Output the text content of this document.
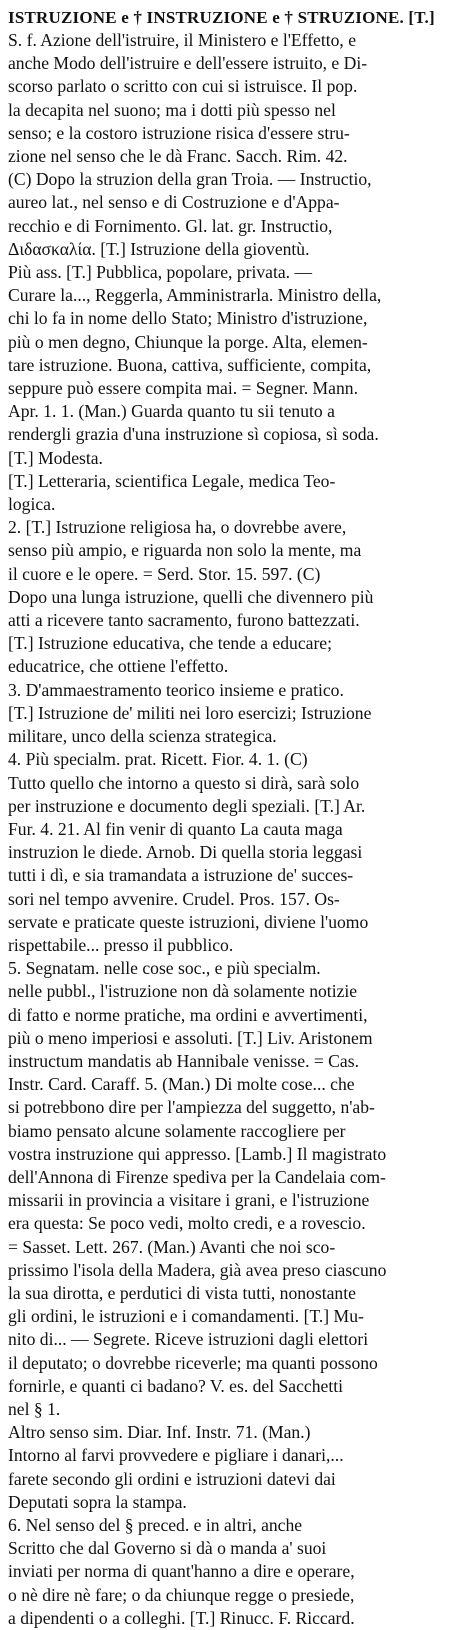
ISTRUZIONE e † INSTRUZIONE e † STRUZIONE. [T.]
S. f. Azione dell'istruire, il Ministero e l'Effetto, e
anche Modo dell'istruire e dell'essere istruito, e Di-
scorso parlato o scritto con cui si istruisce. Il pop.
la decapita nel suono; ma i dotti più spesso nel
senso; e la costoro istruzione risica d'essere stru-
zione nel senso che le dà Franc. Sacch. Rim. 42.
(C) Dopo la struzion della gran Troia. — Instructio,
aureo lat., nel senso e di Costruzione e d'Appa-
recchio e di Fornimento. Gl. lat. gr. Instructio,
Διδασκαλία. [T.] Istruzione della gioventù.
Più ass. [T.] Pubblica, popolare, privata. —
Curare la..., Reggerla, Amministrarla. Ministro della,
chi lo fa in nome dello Stato; Ministro d'istruzione,
più o men degno, Chiunque la porge. Alta, elemen-
tare istruzione. Buona, cattiva, sufficiente, compita,
seppure può essere compita mai. = Segner. Mann.
Apr. 1. 1. (Man.) Guarda quanto tu sii tenuto a
rendergli grazia d'una instruzione sì copiosa, sì soda.
[T.] Modesta.
[T.] Letteraria, scientifica Legale, medica Teo-
logica.
2. [T.] Istruzione religiosa ha, o dovrebbe avere,
senso più ampio, e riguarda non solo la mente, ma
il cuore e le opere. = Serd. Stor. 15. 597. (C)
Dopo una lunga istruzione, quelli che divennero più
atti a ricevere tanto sacramento, furono battezzati.
[T.] Istruzione educativa, che tende a educare;
educatrice, che ottiene l'effetto.
3. D'ammaestramento teorico insieme e pratico.
[T.] Istruzione de' militi nei loro esercizi; Istruzione
militare, unco della scienza strategica.
4. Più specialm. prat. Ricett. Fior. 4. 1. (C)
Tutto quello che intorno a questo si dirà, sarà solo
per instruzione e documento degli speziali. [T.] Ar.
Fur. 4. 21. Al fin venir di quanto La cauta maga
instruzion le diede. Arnob. Di quella storia leggasi
tutti i dì, e sia tramandata a istruzione de' succes-
sori nel tempo avvenire. Crudel. Pros. 157. Os-
servate e praticate queste istruzioni, diviene l'uomo
rispettabile... presso il pubblico.
5. Segnatam. nelle cose soc., e più specialm.
nelle pubbl., l'istruzione non dà solamente notizie
di fatto e norme pratiche, ma ordini e avvertimenti,
più o meno imperiosi e assoluti. [T.] Liv. Aristonem
instructum mandatis ab Hannibale venisse. = Cas.
Instr. Card. Caraff. 5. (Man.) Di molte cose... che
si potrebbono dire per l'ampiezza del suggetto, n'ab-
biamo pensato alcune solamente raccogliere per
vostra instruzione qui appresso. [Lamb.] Il magistrato
dell'Annona di Firenze spediva per la Candelaia com-
missarii in provincia a visitare i grani, e l'istruzione
era questa: Se poco vedi, molto credi, e a rovescio.
= Sasset. Lett. 267. (Man.) Avanti che noi sco-
prissimo l'isola della Madera, già avea preso ciascuno
la sua dirotta, e perdutici di vista tutti, nonostante
gli ordini, le istruzioni e i comandamenti. [T.] Mu-
nito di... — Segrete. Riceve istruzioni dagli elettori
il deputato; o dovrebbe riceverle; ma quanti possono
fornirle, e quanti ci badano? V. es. del Sacchetti
nel § 1.
Altro senso sim. Diar. Inf. Instr. 71. (Man.)
Intorno al farvi provvedere e pigliare i danari,...
farete secondo gli ordini e istruzioni datevi dai
Deputati sopra la stampa.
6. Nel senso del § preced. e in altri, anche
Scritto che dal Governo si dà o manda a' suoi
inviati per norma di quant'hanno a dire e operare,
o nè dire nè fare; o da chiunque regge o presiede,
a dipendenti o a colleghi. [T.] Rinucc. F. Riccard.
